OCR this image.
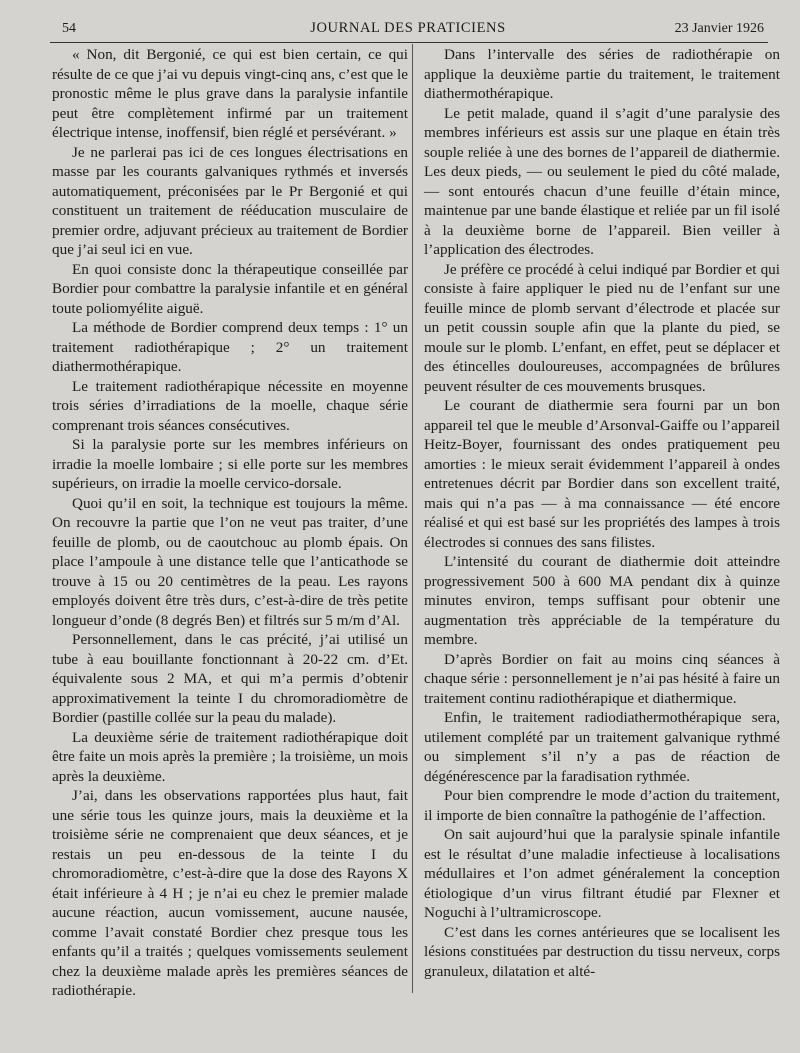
54	JOURNAL DES PRATICIENS	23 Janvier 1926

« Non, dit Bergonié, ce qui est bien certain, ce qui résulte de ce que j’ai vu depuis vingt-cinq ans, c’est que le pronostic même le plus grave dans la paralysie infantile peut être complètement infirmé par un traitement électrique intense, inoffensif, bien réglé et persévérant. »

Je ne parlerai pas ici de ces longues électrisations en masse par les courants galvaniques rythmés et inversés automatiquement, préconisées par le Pr Bergonié et qui constituent un traitement de rééducation musculaire de premier ordre, adjuvant précieux au traitement de Bordier que j’ai seul ici en vue.

En quoi consiste donc la thérapeutique conseillée par Bordier pour combattre la paralysie infantile et en général toute poliomyélite aiguë.

La méthode de Bordier comprend deux temps : 1° un traitement radiothérapique ; 2° un traitement diathermothérapique.

Le traitement radiothérapique nécessite en moyenne trois séries d’irradiations de la moelle, chaque série comprenant trois séances consécutives.

Si la paralysie porte sur les membres inférieurs on irradie la moelle lombaire ; si elle porte sur les membres supérieurs, on irradie la moelle cervico-dorsale.

Quoi qu’il en soit, la technique est toujours la même. On recouvre la partie que l’on ne veut pas traiter, d’une feuille de plomb, ou de caoutchouc au plomb épais. On place l’ampoule à une distance telle que l’anticathode se trouve à 15 ou 20 centimètres de la peau. Les rayons employés doivent être très durs, c’est-à-dire de très petite longueur d’onde (8 degrés Ben) et filtrés sur 5 m/m d’Al.

Personnellement, dans le cas précité, j’ai utilisé un tube à eau bouillante fonctionnant à 20-22 cm. d’Et. équivalente sous 2 MA, et qui m’a permis d’obtenir approximativement la teinte I du chromoradiomètre de Bordier (pastille collée sur la peau du malade).

La deuxième série de traitement radiothérapique doit être faite un mois après la première ; la troisième, un mois après la deuxième.

J’ai, dans les observations rapportées plus haut, fait une série tous les quinze jours, mais la deuxième et la troisième série ne comprenaient que deux séances, et je restais un peu en-dessous de la teinte I du chromoradiomètre, c’est-à-dire que la dose des Rayons X était inférieure à 4 H ; je n’ai eu chez le premier malade aucune réaction, aucun vomissement, aucune nausée, comme l’avait constaté Bordier chez presque tous les enfants qu’il a traités ; quelques vomissements seulement chez la deuxième malade après les premières séances de radiothérapie.

Dans l’intervalle des séries de radiothérapie on applique la deuxième partie du traitement, le traitement diathermothérapique.

Le petit malade, quand il s’agit d’une paralysie des membres inférieurs est assis sur une plaque en étain très souple reliée à une des bornes de l’appareil de diathermie. Les deux pieds, — ou seulement le pied du côté malade, — sont entourés chacun d’une feuille d’étain mince, maintenue par une bande élastique et reliée par un fil isolé à la deuxième borne de l’appareil. Bien veiller à l’application des électrodes.

Je préfère ce procédé à celui indiqué par Bordier et qui consiste à faire appliquer le pied nu de l’enfant sur une feuille mince de plomb servant d’électrode et placée sur un petit coussin souple afin que la plante du pied, se moule sur le plomb. L’enfant, en effet, peut se déplacer et des étincelles douloureuses, accompagnées de brûlures peuvent résulter de ces mouvements brusques.

Le courant de diathermie sera fourni par un bon appareil tel que le meuble d’Arsonval-Gaiffe ou l’appareil Heitz-Boyer, fournissant des ondes pratiquement peu amorties : le mieux serait évidemment l’appareil à ondes entretenues décrit par Bordier dans son excellent traité, mais qui n’a pas — à ma connaissance — été encore réalisé et qui est basé sur les propriétés des lampes à trois électrodes si connues des sans filistes.

L’intensité du courant de diathermie doit atteindre progressivement 500 à 600 MA pendant dix à quinze minutes environ, temps suffisant pour obtenir une augmentation très appréciable de la température du membre.

D’après Bordier on fait au moins cinq séances à chaque série : personnellement je n’ai pas hésité à faire un traitement continu radiothérapique et diathermique.

Enfin, le traitement radiodiathermothérapique sera, utilement complété par un traitement galvanique rythmé ou simplement s’il n’y a pas de réaction de dégénérescence par la faradisation rythmée.

Pour bien comprendre le mode d’action du traitement, il importe de bien connaître la pathogénie de l’affection.

On sait aujourd’hui que la paralysie spinale infantile est le résultat d’une maladie infectieuse à localisations médullaires et l’on admet généralement la conception étiologique d’un virus filtrant étudié par Flexner et Noguchi à l’ultramicroscope.

C’est dans les cornes antérieures que se localisent les lésions constituées par destruction du tissu nerveux, corps granuleux, dilatation et alté-
